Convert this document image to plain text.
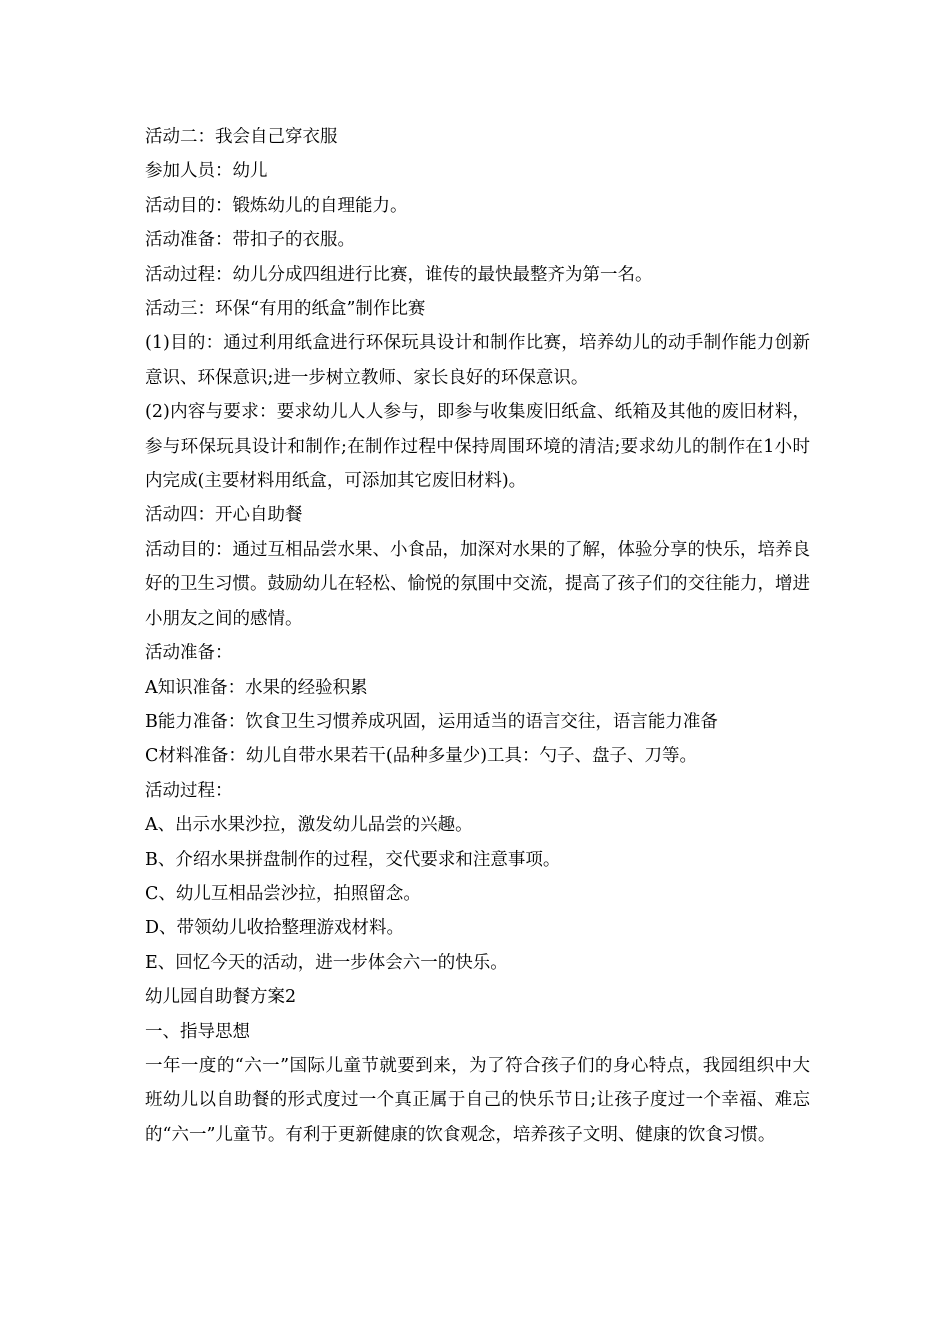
活动二：我会自己穿衣服

参加人员：幼儿

活动目的：锻炼幼儿的自理能力。

活动准备：带扣子的衣服。

活动过程：幼儿分成四组进行比赛，谁传的最快最整齐为第一名。

活动三：环保“有用的纸盒”制作比赛

(1)目的：通过利用纸盒进行环保玩具设计和制作比赛，培养幼儿的动手制作能力创新意识、环保意识;进一步树立教师、家长良好的环保意识。

(2)内容与要求：要求幼儿人人参与，即参与收集废旧纸盒、纸箱及其他的废旧材料，参与环保玩具设计和制作;在制作过程中保持周围环境的清洁;要求幼儿的制作在1小时内完成(主要材料用纸盒，可添加其它废旧材料)。

活动四：开心自助餐

活动目的：通过互相品尝水果、小食品，加深对水果的了解，体验分享的快乐，培养良好的卫生习惯。鼓励幼儿在轻松、愉悦的氛围中交流，提高了孩子们的交往能力，增进小朋友之间的感情。

活动准备：

A知识准备：水果的经验积累

B能力准备：饮食卫生习惯养成巩固，运用适当的语言交往，语言能力准备

C材料准备：幼儿自带水果若干(品种多量少)工具：勺子、盘子、刀等。

活动过程：

A、出示水果沙拉，激发幼儿品尝的兴趣。

B、介绍水果拼盘制作的过程，交代要求和注意事项。

C、幼儿互相品尝沙拉，拍照留念。

D、带领幼儿收拾整理游戏材料。

E、回忆今天的活动，进一步体会六一的快乐。

幼儿园自助餐方案2

一、指导思想

一年一度的“六一”国际儿童节就要到来，为了符合孩子们的身心特点，我园组织中大班幼儿以自助餐的形式度过一个真正属于自己的快乐节日;让孩子度过一个幸福、难忘的“六一”儿童节。有利于更新健康的饮食观念，培养孩子文明、健康的饮食习惯。
